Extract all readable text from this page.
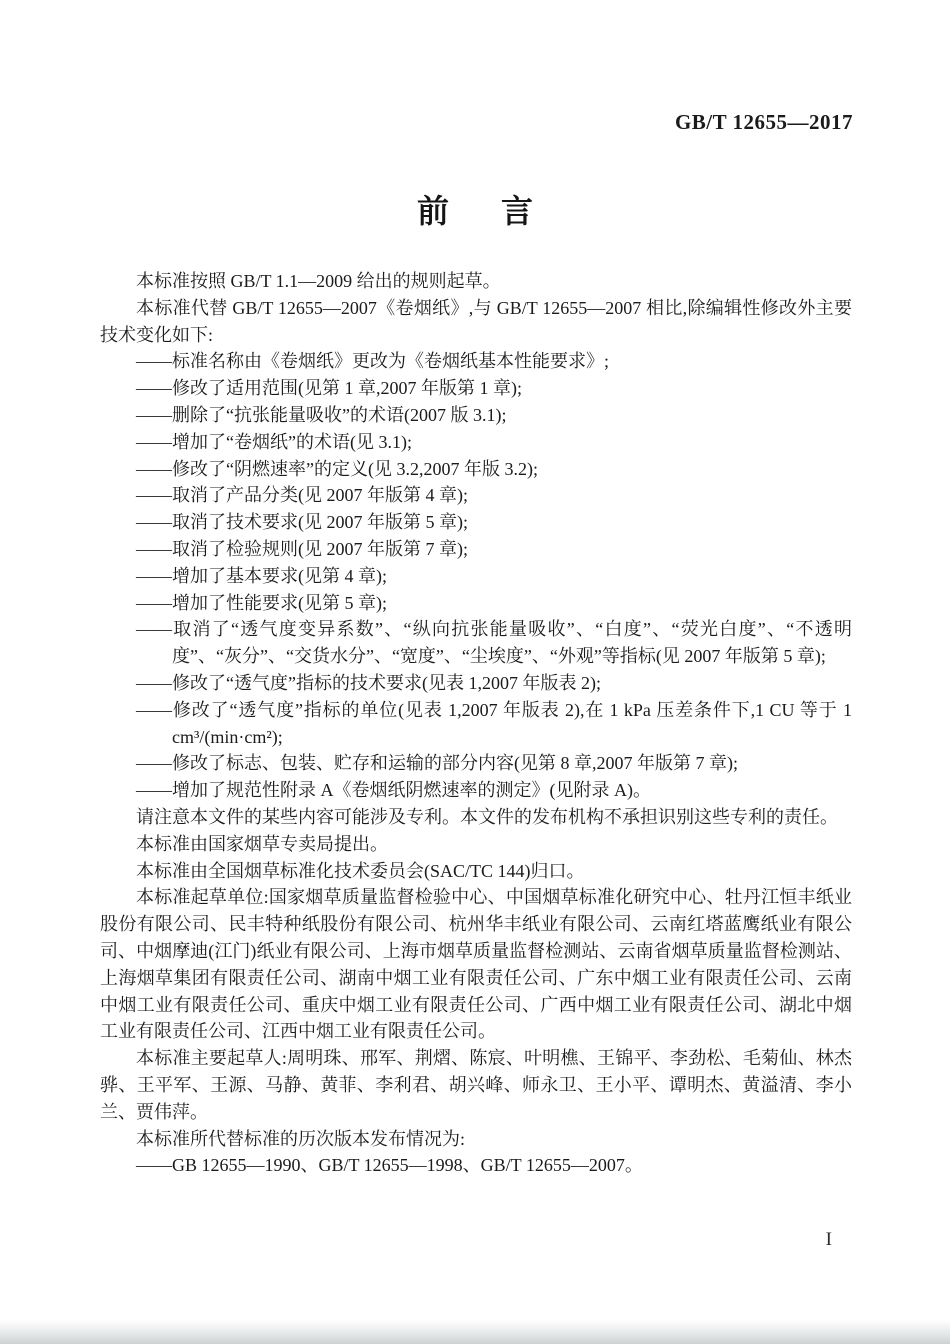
GB/T 12655—2017
前 言
本标准按照 GB/T 1.1—2009 给出的规则起草。
本标准代替 GB/T 12655—2007《卷烟纸》,与 GB/T 12655—2007 相比,除编辑性修改外主要技术变化如下:
——标准名称由《卷烟纸》更改为《卷烟纸基本性能要求》;
——修改了适用范围(见第 1 章,2007 年版第 1 章);
——删除了“抗张能量吸收”的术语(2007 版 3.1);
——增加了“卷烟纸”的术语(见 3.1);
——修改了“阴燃速率”的定义(见 3.2,2007 年版 3.2);
——取消了产品分类(见 2007 年版第 4 章);
——取消了技术要求(见 2007 年版第 5 章);
——取消了检验规则(见 2007 年版第 7 章);
——增加了基本要求(见第 4 章);
——增加了性能要求(见第 5 章);
——取消了“透气度变异系数”、“纵向抗张能量吸收”、“白度”、“荧光白度”、“不透明度”、“灰分”、“交货水分”、“宽度”、“尘埃度”、“外观”等指标(见 2007 年版第 5 章);
——修改了“透气度”指标的技术要求(见表 1,2007 年版表 2);
——修改了“透气度”指标的单位(见表 1,2007 年版表 2),在 1 kPa 压差条件下,1 CU 等于 1 cm³/(min·cm²);
——修改了标志、包装、贮存和运输的部分内容(见第 8 章,2007 年版第 7 章);
——增加了规范性附录 A《卷烟纸阴燃速率的测定》(见附录 A)。
请注意本文件的某些内容可能涉及专利。本文件的发布机构不承担识别这些专利的责任。
本标准由国家烟草专卖局提出。
本标准由全国烟草标准化技术委员会(SAC/TC 144)归口。
本标准起草单位:国家烟草质量监督检验中心、中国烟草标准化研究中心、牡丹江恒丰纸业股份有限公司、民丰特种纸股份有限公司、杭州华丰纸业有限公司、云南红塔蓝鹰纸业有限公司、中烟摩迪(江门)纸业有限公司、上海市烟草质量监督检测站、云南省烟草质量监督检测站、上海烟草集团有限责任公司、湖南中烟工业有限责任公司、广东中烟工业有限责任公司、云南中烟工业有限责任公司、重庆中烟工业有限责任公司、广西中烟工业有限责任公司、湖北中烟工业有限责任公司、江西中烟工业有限责任公司。
本标准主要起草人:周明珠、邢军、荆熠、陈宸、叶明樵、王锦平、李劲松、毛菊仙、林杰骅、王平军、王源、马静、黄菲、李利君、胡兴峰、师永卫、王小平、谭明杰、黄溢清、李小兰、贾伟萍。
本标准所代替标准的历次版本发布情况为:
——GB 12655—1990、GB/T 12655—1998、GB/T 12655—2007。
I
